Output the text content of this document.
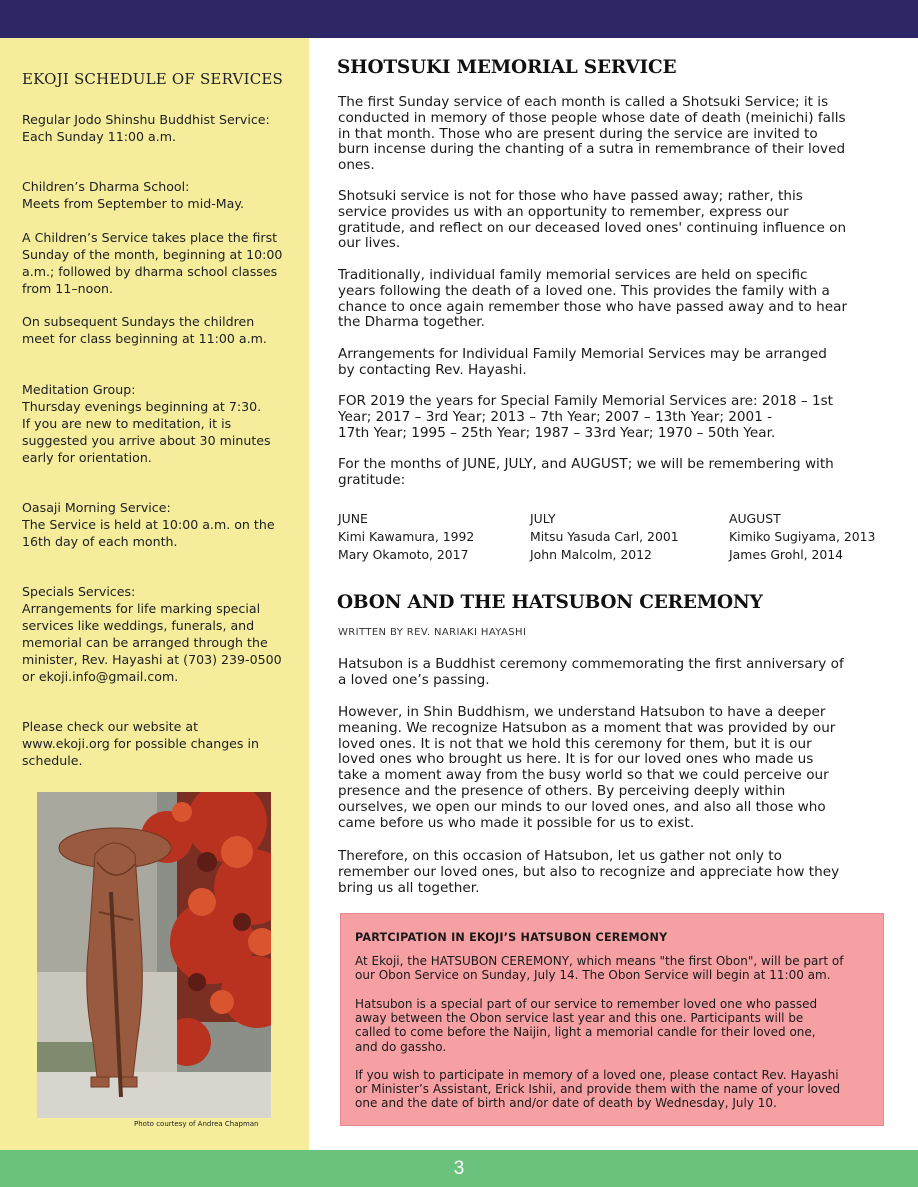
EKOJI SCHEDULE OF SERVICES
Regular Jodo Shinshu Buddhist Service:
Each Sunday 11:00 a.m.
Children’s Dharma School:
Meets from September to mid-May.
A Children’s Service takes place the first
Sunday of the month, beginning at 10:00
a.m.; followed by dharma school classes
from 11–noon.
On subsequent Sundays the children
meet for class beginning at 11:00 a.m.
Meditation Group:
Thursday evenings beginning at 7:30.
If you are new to meditation, it is
suggested you arrive about 30 minutes
early for orientation.
Oasaji Morning Service:
The Service is held at 10:00 a.m. on the
16th day of each month.
Specials Services:
Arrangements for life marking special
services like weddings, funerals, and
memorial can be arranged through the
minister, Rev. Hayashi at (703) 239-0500
or ekoji.info@gmail.com.
Please check our website at
www.ekoji.org for possible changes in
schedule.
Photo courtesy of Andrea Chapman
SHOTSUKI MEMORIAL SERVICE
The first Sunday service of each month is called a Shotsuki Service; it is
conducted in memory of those people whose date of death (meinichi) falls
in that month. Those who are present during the service are invited to
burn incense during the chanting of a sutra in remembrance of their loved
ones.
Shotsuki service is not for those who have passed away; rather, this
service provides us with an opportunity to remember, express our
gratitude, and reflect on our deceased loved ones' continuing influence on
our lives.
Traditionally, individual family memorial services are held on specific
years following the death of a loved one. This provides the family with a
chance to once again remember those who have passed away and to hear
the Dharma together.
Arrangements for Individual Family Memorial Services may be arranged
by contacting Rev. Hayashi.
FOR 2019 the years for Special Family Memorial Services are: 2018 – 1st
Year; 2017 – 3rd Year; 2013 – 7th Year; 2007 – 13th Year; 2001 -
17th Year; 1995 – 25th Year; 1987 – 33rd Year; 1970 – 50th Year.
For the months of JUNE, JULY, and AUGUST; we will be remembering with
gratitude:
JUNE
Kimi Kawamura, 1992
Mary Okamoto, 2017
JULY
Mitsu Yasuda Carl, 2001
John Malcolm, 2012
AUGUST
Kimiko Sugiyama, 2013
James Grohl, 2014
OBON AND THE HATSUBON CEREMONY
WRITTEN BY REV. NARIAKI HAYASHI
Hatsubon is a Buddhist ceremony commemorating the first anniversary of
a loved one’s passing.
However, in Shin Buddhism, we understand Hatsubon to have a deeper
meaning. We recognize Hatsubon as a moment that was provided by our
loved ones. It is not that we hold this ceremony for them, but it is our
loved ones who brought us here. It is for our loved ones who made us
take a moment away from the busy world so that we could perceive our
presence and the presence of others. By perceiving deeply within
ourselves, we open our minds to our loved ones, and also all those who
came before us who made it possible for us to exist.
Therefore, on this occasion of Hatsubon, let us gather not only to
remember our loved ones, but also to recognize and appreciate how they
bring us all together.
PARTCIPATION IN EKOJI’S HATSUBON CEREMONY
At Ekoji, the HATSUBON CEREMONY, which means "the first Obon", will be part of
our Obon Service on Sunday, July 14. The Obon Service will begin at 11:00 am.
Hatsubon is a special part of our service to remember loved one who passed
away between the Obon service last year and this one. Participants will be
called to come before the Naijin, light a memorial candle for their loved one,
and do gassho.
If you wish to participate in memory of a loved one, please contact Rev. Hayashi
or Minister’s Assistant, Erick Ishii, and provide them with the name of your loved
one and the date of birth and/or date of death by Wednesday, July 10.
3
